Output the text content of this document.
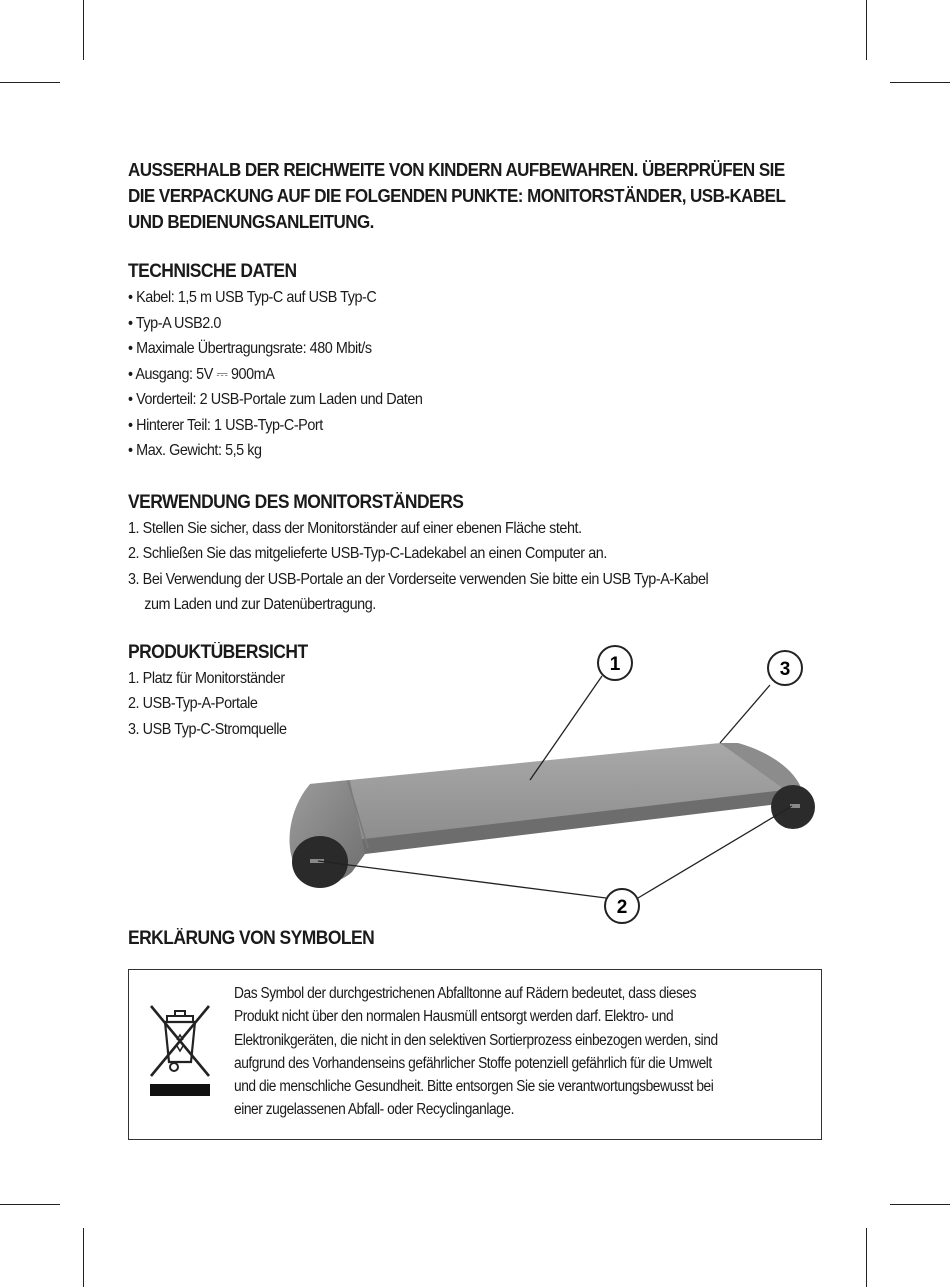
AUSSERHALB DER REICHWEITE VON KINDERN AUFBEWAHREN. ÜBERPRÜFEN SIE
DIE VERPACKUNG AUF DIE FOLGENDEN PUNKTE: MONITORSTÄNDER, USB-KABEL
UND BEDIENUNGSANLEITUNG.
TECHNISCHE DATEN
• Kabel: 1,5 m USB Typ-C auf USB Typ-C
• Typ-A USB2.0
• Maximale Übertragungsrate: 480 Mbit/s
• Ausgang: 5V ⎓ 900mA
• Vorderteil: 2 USB-Portale zum Laden und Daten
• Hinterer Teil: 1 USB-Typ-C-Port
• Max. Gewicht: 5,5 kg
VERWENDUNG DES MONITORSTÄNDERS
1. Stellen Sie sicher, dass der Monitorständer auf einer ebenen Fläche steht.
2. Schließen Sie das mitgelieferte USB-Typ-C-Ladekabel an einen Computer an.
3. Bei Verwendung der USB-Portale an der Vorderseite verwenden Sie bitte ein USB Typ-A-Kabel
zum Laden und zur Datenübertragung.
PRODUKTÜBERSICHT
1. Platz für Monitorständer
2. USB-Typ-A-Portale
3. USB Typ-C-Stromquelle
1	3
2
ERKLÄRUNG VON SYMBOLEN

Das Symbol der durchgestrichenen Abfalltonne auf Rädern bedeutet, dass dieses

Produkt nicht über den normalen Hausmüll entsorgt werden darf. Elektro- und

Elektronikgeräten, die nicht in den selektiven Sortierprozess einbezogen werden, sind

aufgrund des Vorhandenseins gefährlicher Stoffe potenziell gefährlich für die Umwelt

und die menschliche Gesundheit. Bitte entsorgen Sie sie verantwortungsbewusst bei

einer zugelassenen Abfall- oder Recyclinganlage.
